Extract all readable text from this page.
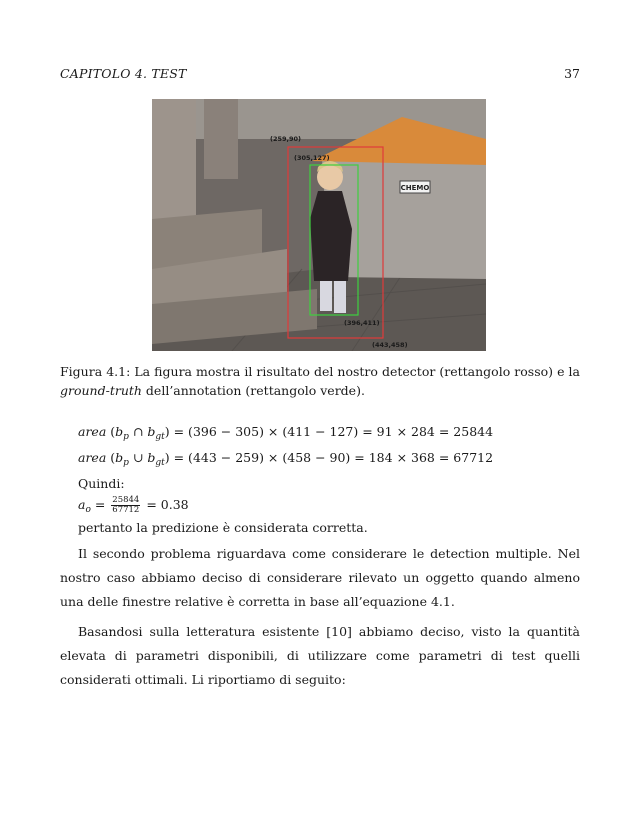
CAPITOLO 4. TEST	37
CHEMO
(259,90)
(305,127)
(396,411)
(443,458)
Figura 4.1: La figura mostra il risultato del nostro detector (rettangolo rosso) e la ground-truth dell’annotation (rettangolo verde).
area ($b_p$ ∩ $b_{gt}) = (396 - 305) \times (411 - 127) = 91 \times 284 = 25844$
area ($b_p$ ∪ $b_{gt}) = (443 - 259) \times (458 - 90) = 184 \times 368 = 67712$
Quindi:
$a_o = \frac{25844}{67712} = 0.38$
pertanto la predizione è considerata corretta.
Il secondo problema riguardava come considerare le detection multiple. Nel nostro caso abbiamo deciso di considerare rilevato un oggetto quando almeno una delle finestre relative è corretta in base all’equazione 4.1.
Basandosi sulla letteratura esistente [10] abbiamo deciso, visto la quantità elevata di parametri disponibili, di utilizzare come parametri di test quelli considerati ottimali. Li riportiamo di seguito:
